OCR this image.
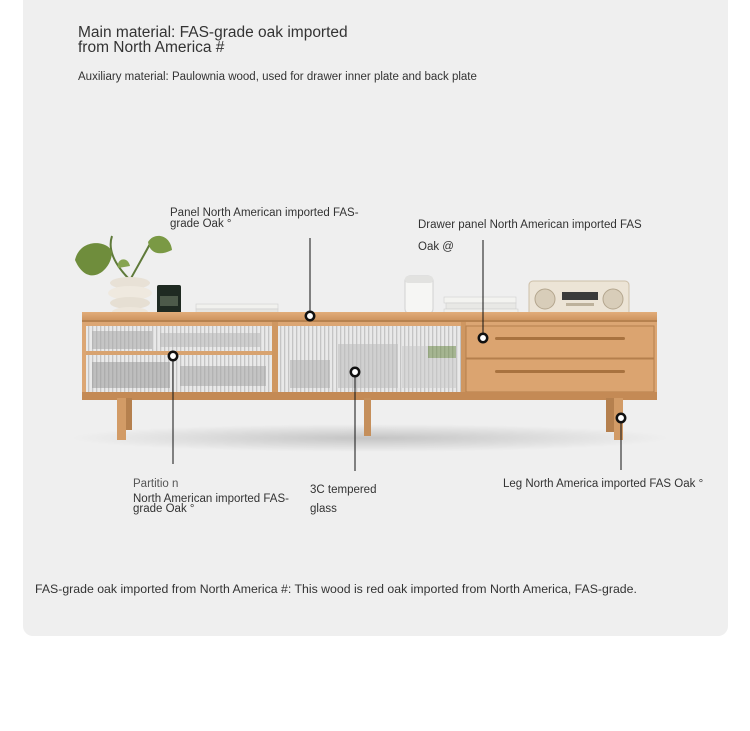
Main material: FAS-grade oak imported from North America #
Auxiliary material: Paulownia wood, used for drawer inner plate and back plate
Panel North American imported FAS-grade Oak °	Drawer panel North American imported FAS Oak @
Partitio n
North American imported FAS-grade Oak °
3C tempered glass
Leg North America imported FAS Oak °
FAS-grade oak imported from North America #: This wood is red oak imported from North America, FAS-grade.
